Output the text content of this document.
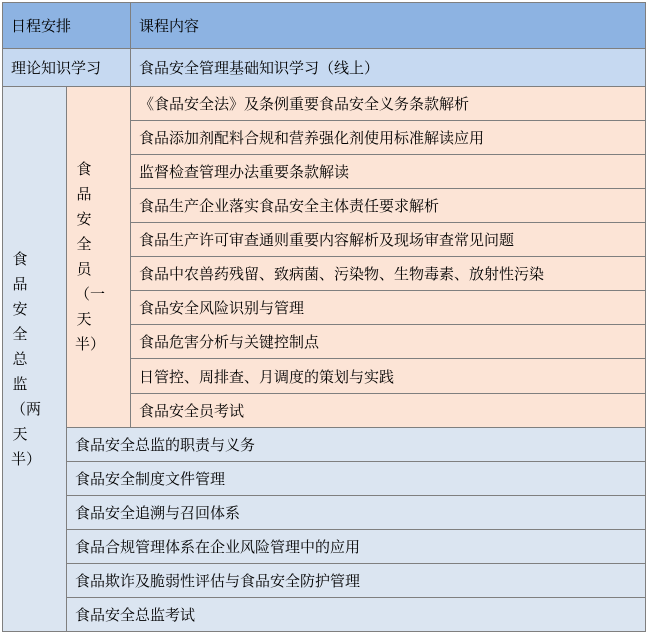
日程安排		课程内容
理论知识学习		食品安全管理基础知识学习（线上）
食品安全总监（两天半）	食品安全员（一天半）	《食品安全法》及条例重要食品安全义务条款解析
		食品添加剂配料合规和营养强化剂使用标准解读应用
		监督检查管理办法重要条款解读
		食品生产企业落实食品安全主体责任要求解析
		食品生产许可审查通则重要内容解析及现场审查常见问题
		食品中农兽药残留、致病菌、污染物、生物毒素、放射性污染
		食品安全风险识别与管理
		食品危害分析与关键控制点
		日管控、周排查、月调度的策划与实践
		食品安全员考试
	食品安全总监的职责与义务	
	食品安全制度文件管理	
	食品安全追溯与召回体系	
	食品合规管理体系在企业风险管理中的应用	
	食品欺诈及脆弱性评估与食品安全防护管理	
	食品安全总监考试	
